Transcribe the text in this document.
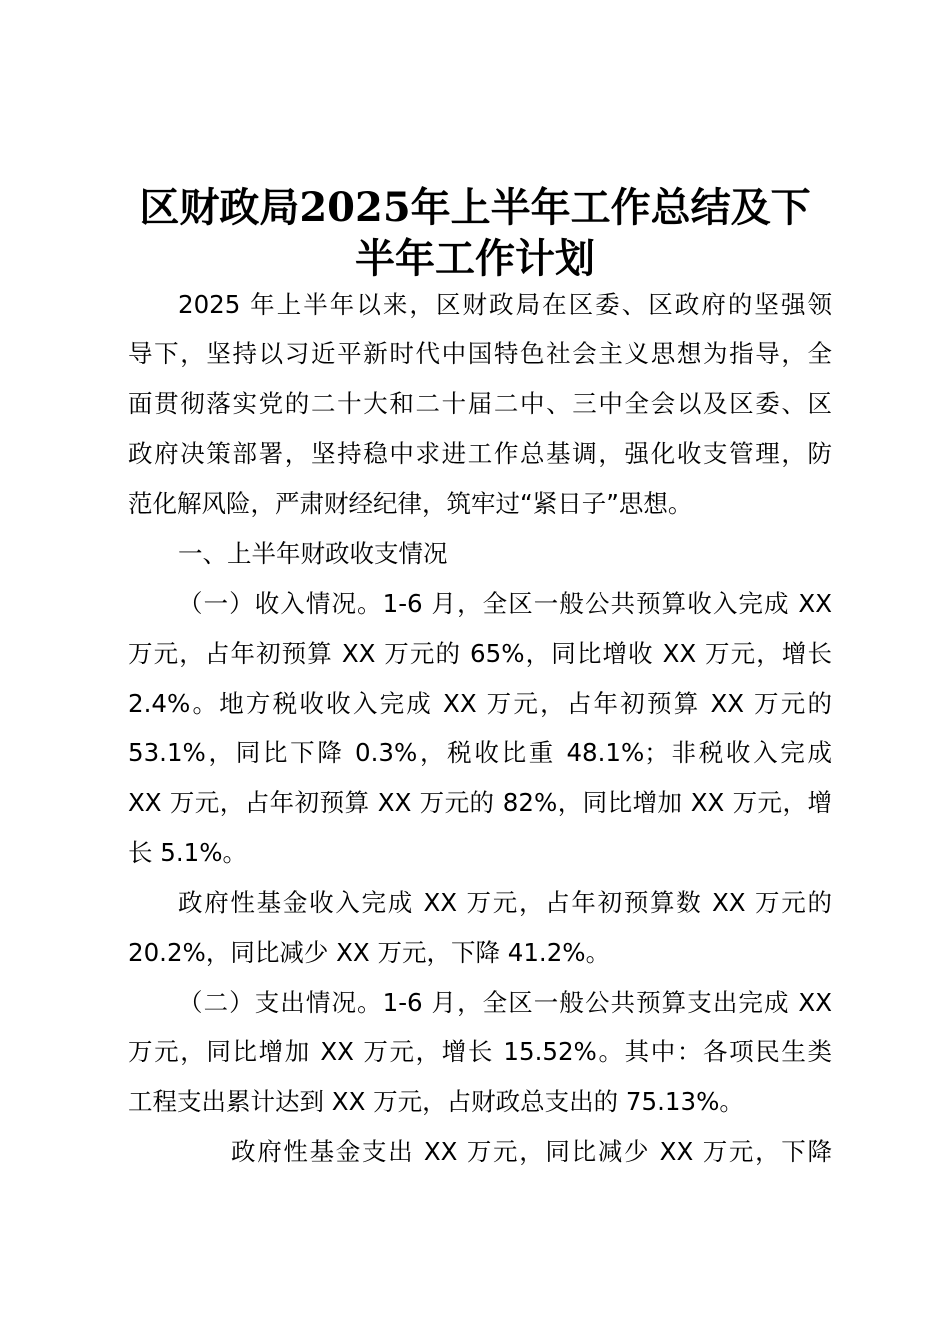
区财政局2025年上半年工作总结及下
半年工作计划
2025 年上半年以来，区财政局在区委、区政府的坚强领
导下，坚持以习近平新时代中国特色社会主义思想为指导，全
面贯彻落实党的二十大和二十届二中、三中全会以及区委、区
政府决策部署，坚持稳中求进工作总基调，强化收支管理，防
范化解风险，严肃财经纪律，筑牢过“紧日子”思想。
一、上半年财政收支情况
（一）收入情况。1-6 月，全区一般公共预算收入完成 XX
万元，占年初预算 XX 万元的 65%，同比增收 XX 万元，增长
2.4%。地方税收收入完成 XX 万元，占年初预算 XX 万元的
53.1%，同比下降 0.3%，税收比重 48.1%；非税收入完成
XX 万元，占年初预算 XX 万元的 82%，同比增加 XX 万元，增
长 5.1%。
政府性基金收入完成 XX 万元，占年初预算数 XX 万元的
20.2%，同比减少 XX 万元，下降 41.2%。
（二）支出情况。1-6 月，全区一般公共预算支出完成 XX
万元，同比增加 XX 万元，增长 15.52%。其中：各项民生类
工程支出累计达到 XX 万元，占财政总支出的 75.13%。
政府性基金支出 XX 万元，同比减少 XX 万元，下降
